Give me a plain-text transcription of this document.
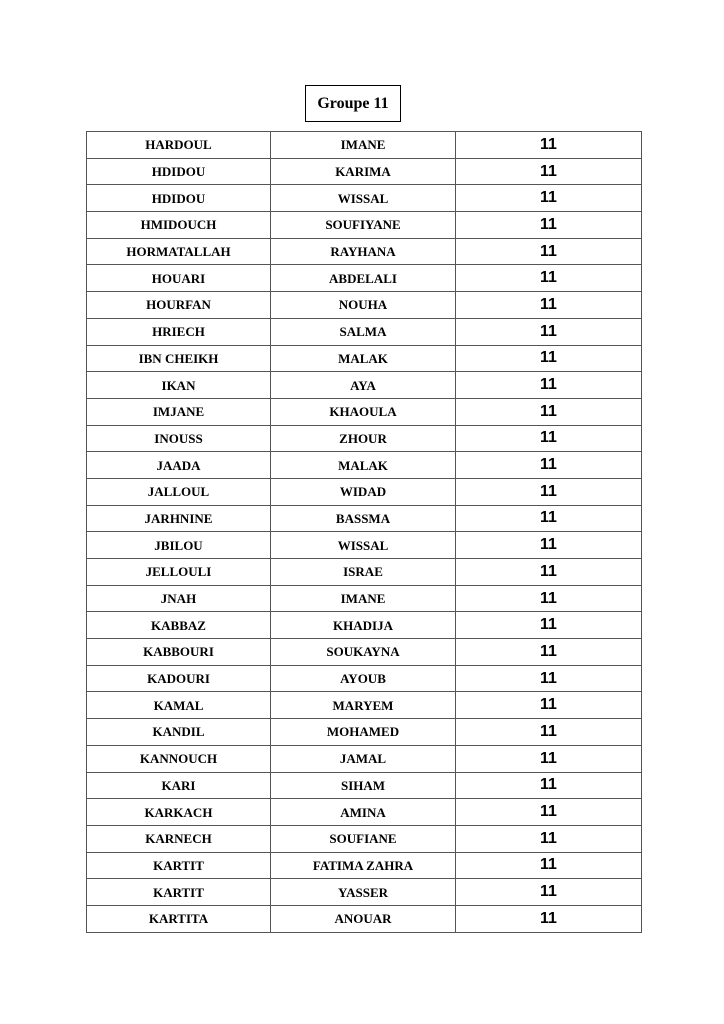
Groupe 11
HARDOUL	IMANE	11
HDIDOU	KARIMA	11
HDIDOU	WISSAL	11
HMIDOUCH	SOUFIYANE	11
HORMATALLAH	RAYHANA	11
HOUARI	ABDELALI	11
HOURFAN	NOUHA	11
HRIECH	SALMA	11
IBN CHEIKH	MALAK	11
IKAN	AYA	11
IMJANE	KHAOULA	11
INOUSS	ZHOUR	11
JAADA	MALAK	11
JALLOUL	WIDAD	11
JARHNINE	BASSMA	11
JBILOU	WISSAL	11
JELLOULI	ISRAE	11
JNAH	IMANE	11
KABBAZ	KHADIJA	11
KABBOURI	SOUKAYNA	11
KADOURI	AYOUB	11
KAMAL	MARYEM	11
KANDIL	MOHAMED	11
KANNOUCH	JAMAL	11
KARI	SIHAM	11
KARKACH	AMINA	11
KARNECH	SOUFIANE	11
KARTIT	FATIMA ZAHRA	11
KARTIT	YASSER	11
KARTITA	ANOUAR	11
